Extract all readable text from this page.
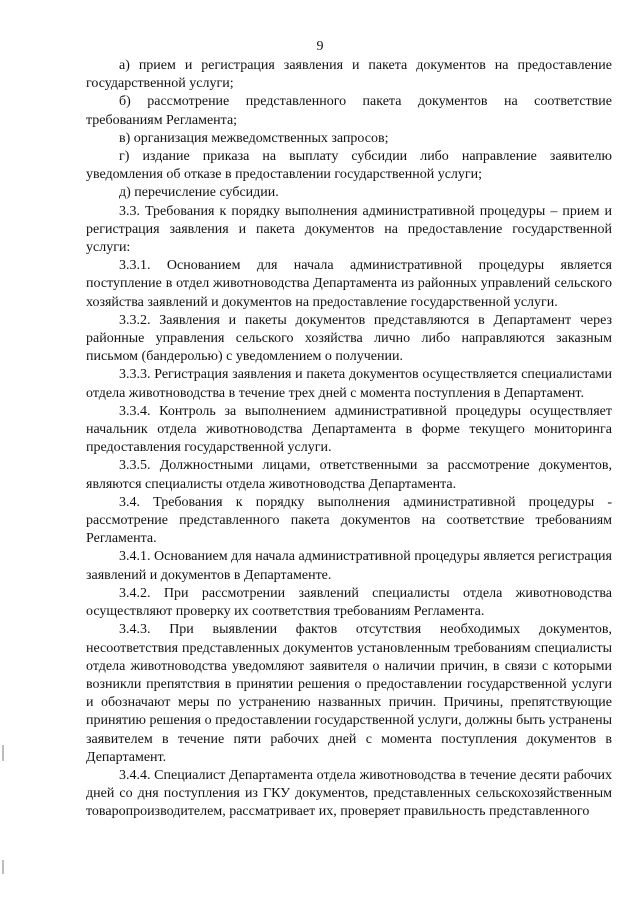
9

а) прием и регистрация заявления и пакета документов на предоставление государственной услуги;

б) рассмотрение представленного пакета документов на соответствие требованиям Регламента;

в) организация межведомственных запросов;

г) издание приказа на выплату субсидии либо направление заявителю уведомления об отказе в предоставлении государственной услуги;

д) перечисление субсидии.

3.3. Требования к порядку выполнения административной процедуры – прием и регистрация заявления и пакета документов на предоставление государственной услуги:

3.3.1. Основанием для начала административной процедуры является поступление в отдел животноводства Департамента из районных управлений сельского хозяйства заявлений и документов на предоставление государственной услуги.

3.3.2. Заявления и пакеты документов представляются в Департамент через районные управления сельского хозяйства лично либо направляются заказным письмом (бандеролью) с уведомлением о получении.

3.3.3. Регистрация заявления и пакета документов осуществляется специалистами отдела животноводства в течение трех дней с момента поступления в Департамент.

3.3.4. Контроль за выполнением административной процедуры осуществляет начальник отдела животноводства Департамента в форме текущего мониторинга предоставления государственной услуги.

3.3.5. Должностными лицами, ответственными за рассмотрение документов, являются специалисты отдела животноводства Департамента.

3.4. Требования к порядку выполнения административной процедуры - рассмотрение представленного пакета документов на соответствие требованиям Регламента.

3.4.1. Основанием для начала административной процедуры является регистрация заявлений и документов в Департаменте.

3.4.2. При рассмотрении заявлений специалисты отдела животноводства осуществляют проверку их соответствия требованиям Регламента.

3.4.3. При выявлении фактов отсутствия необходимых документов, несоответствия представленных документов установленным требованиям специалисты отдела животноводства уведомляют заявителя о наличии причин, в связи с которыми возникли препятствия в принятии решения о предоставлении государственной услуги и обозначают меры по устранению названных причин. Причины, препятствующие принятию решения о предоставлении государственной услуги, должны быть устранены заявителем в течение пяти рабочих дней с момента поступления документов в Департамент.

3.4.4. Специалист Департамента отдела животноводства в течение десяти рабочих дней со дня поступления из ГКУ документов, представленных сельскохозяйственным товаропроизводителем, рассматривает их, проверяет правильность представленного
